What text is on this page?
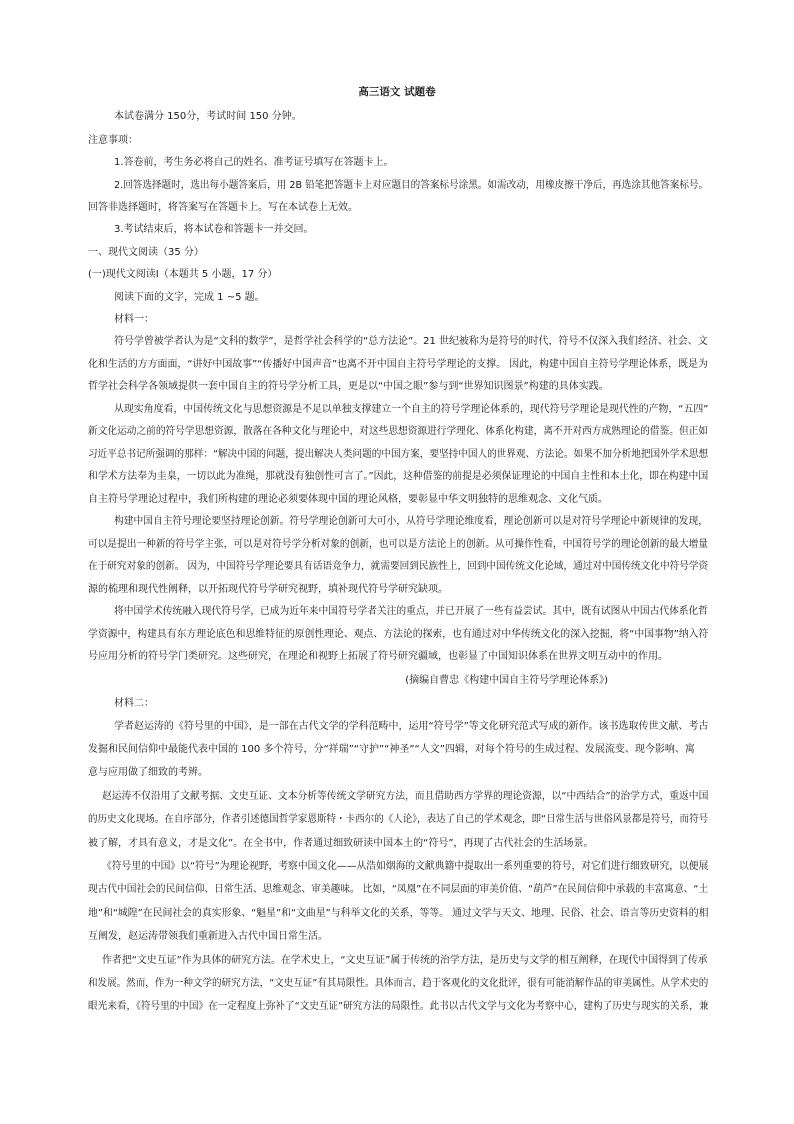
高三语文 试题卷
本试卷满分 150分，考试时间 150 分钟。
注意事项：
1.答卷前，考生务必将自己的姓名、准考证号填写在答题卡上。
2.回答选择题时，选出每小题答案后，用 2B 铅笔把答题卡上对应题目的答案标号涂黑。如需改动，用橡皮擦干净后，再选涂其他答案标号。
回答非选择题时，将答案写在答题卡上。写在本试卷上无效。
3.考试结束后，将本试卷和答题卡一并交回。
一、现代文阅读（35 分）
(一)现代文阅读Ⅰ（本题共 5 小题，17 分）
阅读下面的文字，完成 1 ~5 题。
材料一：
符号学曾被学者认为是“文科的数学”，是哲学社会科学的“总方法论”。21 世纪被称为是符号的时代，符号不仅深入我们经济、社会、文
化和生活的方方面面，“讲好中国故事”“传播好中国声音”也离不开中国自主符号学理论的支撑。 因此，构建中国自主符号学理论体系，既是为
哲学社会科学各领域提供一套中国自主的符号学分析工具，更是以“中国之眼”参与到“世界知识图景”构建的具体实践。
从现实角度看，中国传统文化与思想资源是不足以单独支撑建立一个自主的符号学理论体系的，现代符号学理论是现代性的产物，“五四”
新文化运动之前的符号学思想资源，散落在各种文化与理论中，对这些思想资源进行学理化、体系化构建，离不开对西方成熟理论的借鉴。但正如
习近平总书记所强调的那样：“解决中国的问题，提出解决人类问题的中国方案，要坚持中国人的世界观、方法论。如果不加分析地把国外学术思想
和学术方法奉为圭臬，一切以此为准绳，那就没有独创性可言了。”因此，这种借鉴的前提是必须保证理论的中国自主性和本土化，即在构建中国
自主符号学理论过程中，我们所构建的理论必须要体现中国的理论风格，要彰显中华文明独特的思维观念、文化气质。
构建中国自主符号理论要坚持理论创新。符号学理论创新可大可小，从符号学理论维度看，理论创新可以是对符号学理论中新规律的发现，
可以是提出一种新的符号学主张，可以是对符号学分析对象的创新，也可以是方法论上的创新。从可操作性看，中国符号学的理论创新的最大增量
在于研究对象的创新。 因为，中国符号学理论要具有话语竞争力，就需要回到民族性上，回到中国传统文化论域，通过对中国传统文化中符号学资
源的梳理和现代性阐释，以开拓现代符号学研究视野，填补现代符号学研究缺项。
将中国学术传统融入现代符号学，已成为近年来中国符号学者关注的重点，并已开展了一些有益尝试。其中，既有试图从中国古代体系化哲
学资源中，构建具有东方理论底色和思维特征的原创性理论、观点、方法论的探索，也有通过对中华传统文化的深入挖掘，将“中国事物”纳入符
号应用分析的符号学门类研究。这些研究，在理论和视野上拓展了符号研究疆域，也彰显了中国知识体系在世界文明互动中的作用。
(摘编自曹忠《构建中国自主符号学理论体系》)
材料二：
学者赵运涛的《符号里的中国》，是一部在古代文学的学科范畴中，运用“符号学”等文化研究范式写成的新作。该书选取传世文献、考古
发掘和民间信仰中最能代表中国的 100 多个符号，分“祥瑞”“守护”“神圣”“人文”四辑，对每个符号的生成过程、发展流变、现今影响、寓
意与应用做了细致的考辨。
赵运涛不仅沿用了文献考据、文史互证、文本分析等传统文学研究方法，而且借助西方学界的理论资源，以“中西结合”的治学方式，重返中国
的历史文化现场。在自序部分，作者引述德国哲学家恩斯特・卡西尔的《人论》，表达了自己的学术观念，即“日常生活与世俗风景都是符号，而符号
被了解，才具有意义，才是文化”。在全书中，作者通过细致研读中国本土的“符号”，再现了古代社会的生活场景。
《符号里的中国》以“符号”为理论视野，考察中国文化——从浩如烟海的文献典籍中提取出一系列重要的符号，对它们进行细致研究，以便展
现古代中国社会的民间信仰、日常生活、思维观念、审美趣味。 比如，“凤凰”在不同层面的审美价值、“葫芦”在民间信仰中承载的丰富寓意、“土
地”和“城隍”在民间社会的真实形象、“魁星”和“文曲星”与科举文化的关系，等等。 通过文学与天文、地理、民俗、社会、语言等历史资料的相
互阐发，赵运涛带领我们重新进入古代中国日常生活。
作者把“文史互证”作为具体的研究方法。在学术史上，“文史互证”属于传统的治学方法，是历史与文学的相互阐释，在现代中国得到了传承
和发展。然而，作为一种文学的研究方法，“文史互证”有其局限性。具体而言，趋于客观化的文化批评，很有可能消解作品的审美属性。从学术史的
眼光来看，《符号里的中国》在一定程度上弥补了“文史互证”研究方法的局限性。此书以古代文学与文化为考察中心，建构了历史与现实的关系，兼
